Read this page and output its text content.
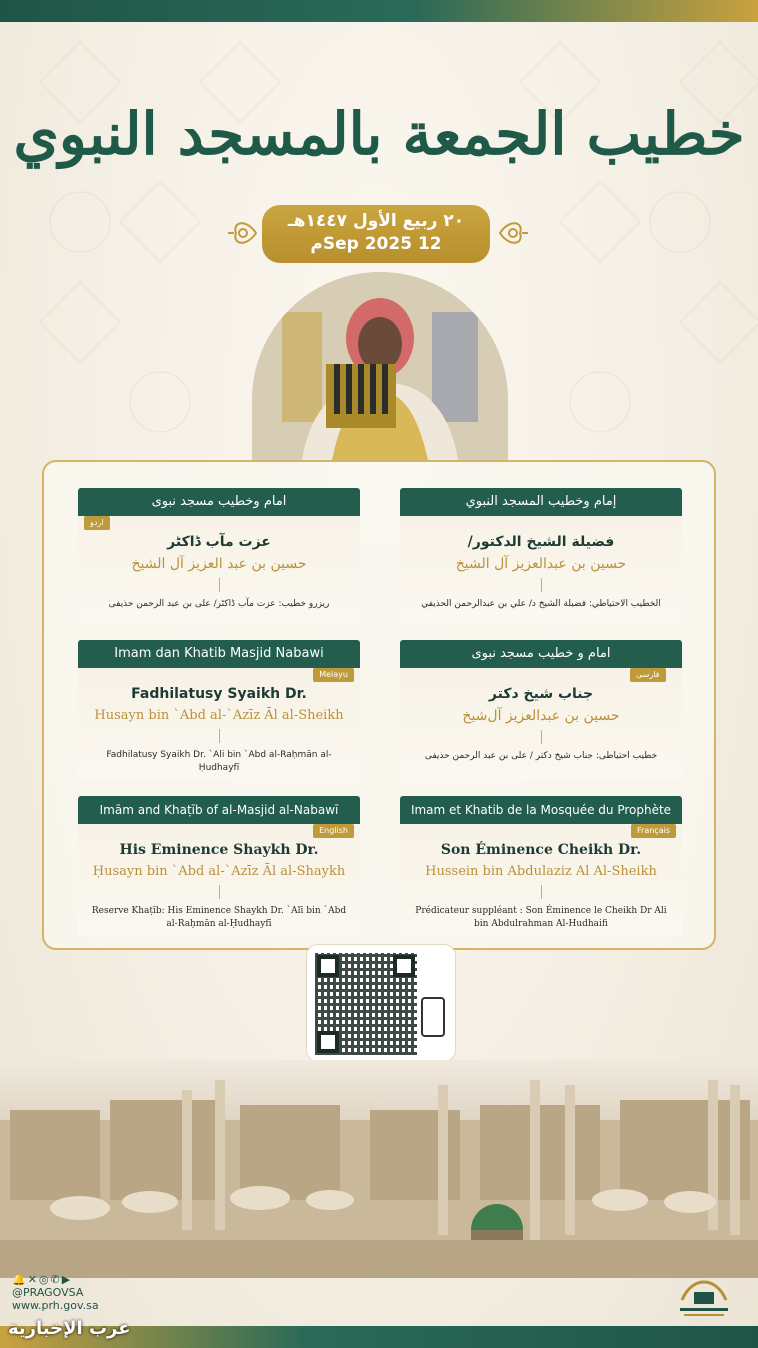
خطيب الجمعة بالمسجد النبوي
٢٠ ربيع الأول ١٤٤٧هـ
12 Sep 2025م
إمام وخطيب المسجد النبوي
فضيلة الشيخ الدكتور/
حسين بن عبدالعزيز آل الشيخ
الخطيب الاحتياطي: فضيلة الشيخ د/ علي بن عبدالرحمن الحذيفي
امام وخطیب مسجد نبوی
اردو
عزت مآب ڈاکٹر
حسین بن عبد العزیز آل الشیخ
ریزرو خطیب: عزت مآب ڈاکٹر/ علی بن عبد الرحمن حذیفی
امام و خطیب مسجد نبوی
فارسی
جناب شیخ دکتر
حسین بن عبدالعزیز آل‌شیخ
خطیب احتیاطی: جناب شیخ دکتر / علی بن عبد الرحمن حذیفی
Imam dan Khatib Masjid Nabawi
Melayu
Fadhilatusy Syaikh Dr.
Husayn bin ˋAbd al-ˋAzīz Āl al-Sheikh
Fadhilatusy Syaikh Dr. ˋAli bin ˋAbd al-Raḥmān al-Ḥudhayfī
Imam et Khatib de la Mosquée du Prophète
Français
Son Éminence Cheikh Dr.
Hussein bin Abdulaziz Al Al-Sheikh
Prédicateur suppléant : Son Éminence le Cheikh Dr Ali bin Abdulrahman Al-Hudhaifi
Imām and Khaṭīb of al-Masjid al-Nabawī
English
His Eminence Shaykh Dr.
Ḥusayn bin ˋAbd al-ˋAzīz Āl al-Shaykh
Reserve Khaṭīb: His Eminence Shaykh Dr. ˋAlī bin ˋAbd al-Raḥmān al-Ḥudhayfī
🔔✕◎✆▶
@PRAGOVSA
www.prh.gov.sa
عرب الإخبارية
